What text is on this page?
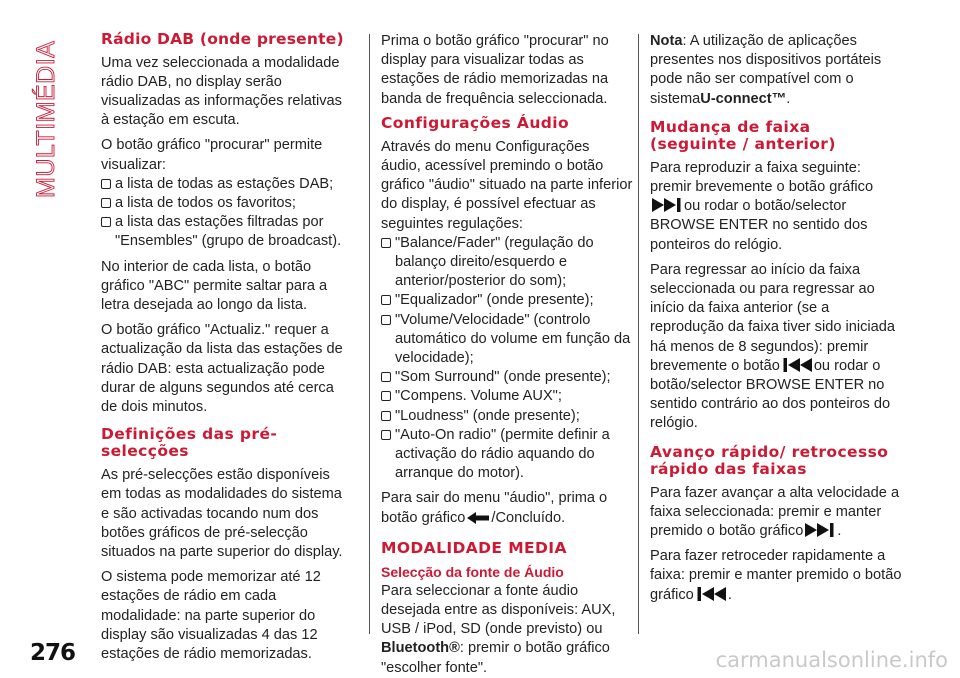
MULTIMÉDIA
Rádio DAB (onde presente)

Uma vez seleccionada a modalidade rádio DAB, no display serão visualizadas as informações relativas à estação em escuta.

O botão gráfico "procurar" permite visualizar:

a lista de todas as estações DAB;
a lista de todos os favoritos;
a lista das estações filtradas por "Ensembles" (grupo de broadcast).

No interior de cada lista, o botão gráfico "ABC" permite saltar para a letra desejada ao longo da lista.

O botão gráfico "Actualiz." requer a actualização da lista das estações de rádio DAB: esta actualização pode durar de alguns segundos até cerca de dois minutos.

Definições das pré-selecções

As pré-selecções estão disponíveis em todas as modalidades do sistema e são activadas tocando num dos botões gráficos de pré-selecção situados na parte superior do display.

O sistema pode memorizar até 12 estações de rádio em cada modalidade: na parte superior do display são visualizadas 4 das 12 estações de rádio memorizadas.

Prima o botão gráfico "procurar" no display para visualizar todas as estações de rádio memorizadas na banda de frequência seleccionada.

Configurações Áudio

Através do menu Configurações áudio, acessível premindo o botão gráfico "áudio" situado na parte inferior do display, é possível efectuar as seguintes regulações:

"Balance/Fader" (regulação do balanço direito/esquerdo e anterior/posterior do som);
"Equalizador" (onde presente);
"Volume/Velocidade" (controlo automático do volume em função da velocidade);
"Som Surround" (onde presente);
"Compens. Volume AUX";
"Loudness" (onde presente);
"Auto-On radio" (permite definir a activação do rádio aquando do arranque do motor).

Para sair do menu "áudio", prima o botão gráfico /Concluído.

MODALIDADE MEDIA
Selecção da fonte de Áudio

Para seleccionar a fonte áudio desejada entre as disponíveis: AUX, USB / iPod, SD (onde previsto) ou Bluetooth®: premir o botão gráfico "escolher fonte".

Nota: A utilização de aplicações presentes nos dispositivos portáteis pode não ser compatível com o sistemaU-connect™.

Mudança de faixa (seguinte / anterior)

Para reproduzir a faixa seguinte: premir brevemente o botão gráficoou rodar o botão/selector BROWSE ENTER no sentido dos ponteiros do relógio.

Para regressar ao início da faixa seleccionada ou para regressar ao início da faixa anterior (se a reprodução da faixa tiver sido iniciada há menos de 8 segundos): premir brevemente o botão ou rodar o botão/selector BROWSE ENTER no sentido contrário ao dos ponteiros do relógio.

Avanço rápido/ retrocesso rápido das faixas

Para fazer avançar a alta velocidade a faixa seleccionada: premir e manter premido o botão gráfico .

Para fazer retroceder rapidamente a faixa: premir e manter premido o botão gráfico .

276	carmanualsonline.info
